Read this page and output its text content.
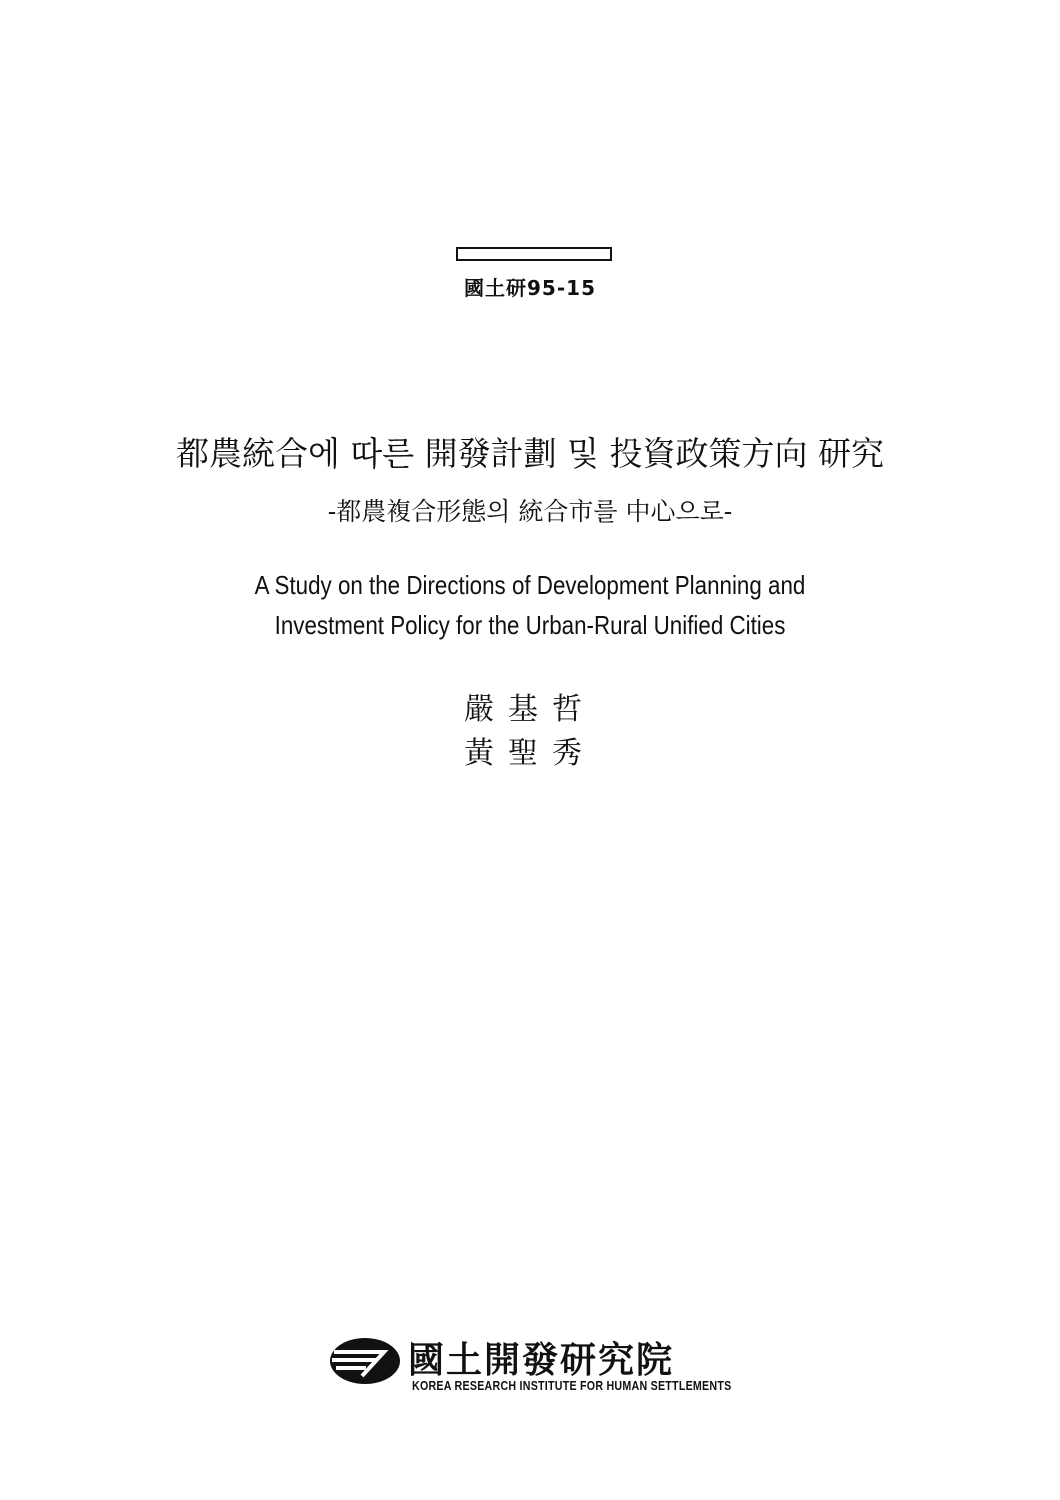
國土研95-15
都農統合에 따른 開發計劃 및 投資政策方向 研究
-都農複合形態의 統合市를 中心으로-
A Study on the Directions of Development Planning and
Investment Policy for the Urban-Rural Unified Cities
嚴基哲
黃聖秀
國土開發研究院
KOREA RESEARCH INSTITUTE FOR HUMAN SETTLEMENTS
